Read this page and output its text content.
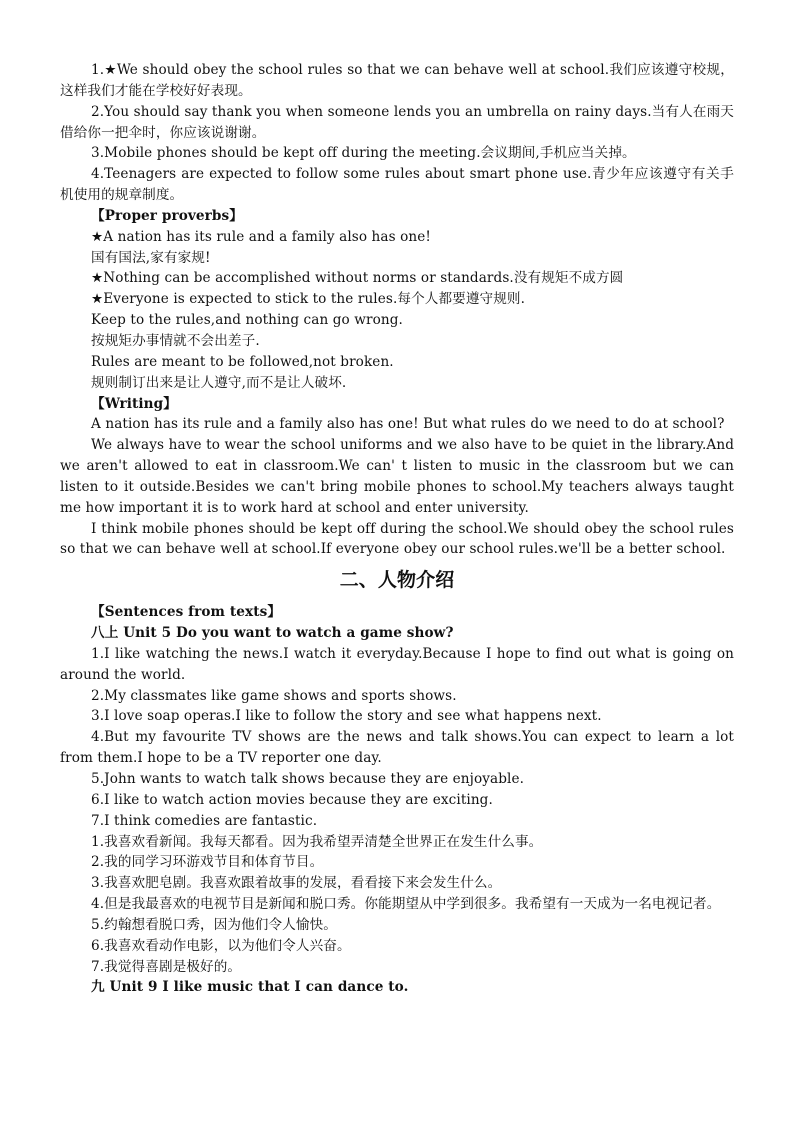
1.★We should obey the school rules so that we can behave well at school.我们应该遵守校规，这样我们才能在学校好好表现。

2.You should say thank you when someone lends you an umbrella on rainy days.当有人在雨天借给你一把伞时，你应该说谢谢。

3.Mobile phones should be kept off during the meeting.会议期间,手机应当关掉。

4.Teenagers are expected to follow some rules about smart phone use.青少年应该遵守有关手机使用的规章制度。

【Proper proverbs】

★A nation has its rule and a family also has one!

国有国法,家有家规!

★Nothing can be accomplished without norms or standards.没有规矩不成方圆

★Everyone is expected to stick to the rules.每个人都要遵守规则.

Keep to the rules,and nothing can go wrong.

按规矩办事情就不会出差子.

Rules are meant to be followed,not broken.

规则制订出来是让人遵守,而不是让人破坏.

【Writing】

A nation has its rule and a family also has one! But what rules do we need to do at school?

We always have to wear the school uniforms and we also have to be quiet in the library.And we aren't allowed to eat in classroom.We can' t listen to music in the classroom but we can listen to it outside.Besides we can't bring mobile phones to school.My teachers always taught me how important it is to work hard at school and enter university.

I think mobile phones should be kept off during the school.We should obey the school rules so that we can behave well at school.If everyone obey our school rules.we'll be a better school.

二、人物介绍

【Sentences from texts】

八上 Unit 5 Do you want to watch a game show?

1.I like watching the news.I watch it everyday.Because I hope to find out what is going on around the world.

2.My classmates like game shows and sports shows.

3.I love soap operas.I like to follow the story and see what happens next.

4.But my favourite TV shows are the news and talk shows.You can expect to learn a lot from them.I hope to be a TV reporter one day.

5.John wants to watch talk shows because they are enjoyable.

6.I like to watch action movies because they are exciting.

7.I think comedies are fantastic.

1.我喜欢看新闻。我每天都看。因为我希望弄清楚全世界正在发生什么事。

2.我的同学习环游戏节目和体育节目。

3.我喜欢肥皂剧。我喜欢跟着故事的发展，看看接下来会发生什么。

4.但是我最喜欢的电视节目是新闻和脱口秀。你能期望从中学到很多。我希望有一天成为一名电视记者。

5.约翰想看脱口秀，因为他们令人愉快。

6.我喜欢看动作电影，以为他们令人兴奋。

7.我觉得喜剧是极好的。

九 Unit 9 I like music that I can dance to.
